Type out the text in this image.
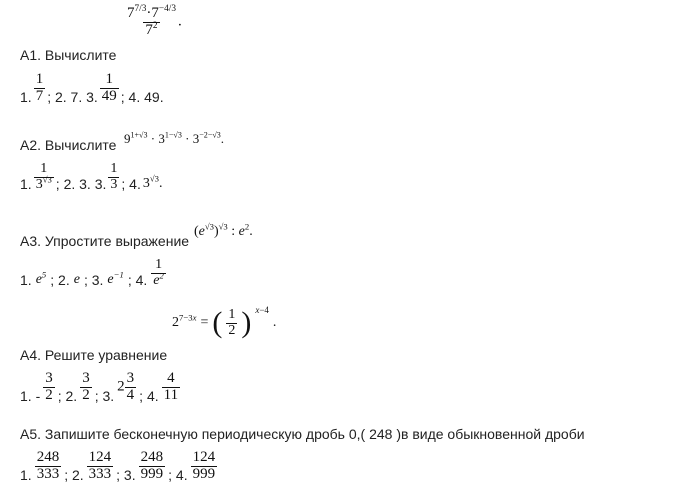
$\frac{7^{7/3}\cdot 7^{-4/3}}{7^2}$ .
А1. Вычислите
1. $\frac{1}{7}$ ; 2. 7. 3. $\frac{1}{49}$ ; 4. 49.
А2. Вычислите $9^{1+√3} \cdot 3^{1-√3} \cdot 3^{-2-√3}$.
1. $\frac{1}{3^{√3}}$ ; 2. 3. 3. $\frac{1}{3}$ ; 4. $3^{√3}$.
А3. Упростите выражение
$(e^{√3})^{√3}$ : $e^2$.
1. $e^5$ ; 2. e ; 3. $e^{-1}$ ; 4. $\frac{1}{e^2}$
$2^{7-3x}$ = ( $\frac{1}{2}$ ) x−4
.
А4. Решите уравнение
1. - $\frac{3}{2}$ ; 2. $\frac{3}{2}$ ; 3.
$2 \frac{3}{4}$ ; 4. $\frac{4}{11}$
А5. Запишите бесконечную периодическую дробь 0,( 248 )в виде обыкновенной дроби
1. $\frac{248}{333}$ ; 2. $\frac{124}{333}$ ; 3. $\frac{248}{999}$ ; 4. $\frac{124}{999}$
